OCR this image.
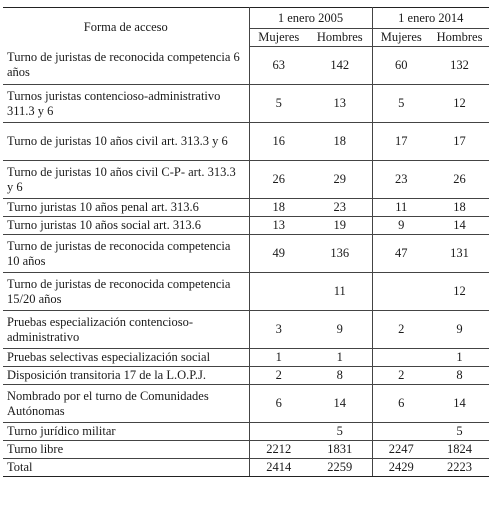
Forma de acceso	1 enero 2005		1 enero 2014	
	Mujeres	Hombres	Mujeres	Hombres
Turno de juristas de reconocida competencia 6 años	63	142	60	132
Turnos juristas contencioso-administrativo 311.3 y 6	5	13	5	12
Turno de juristas 10 años civil art. 313.3 y 6	16	18	17	17
Turno de juristas 10 años civil C-P- art. 313.3 y 6	26	29	23	26
Turno juristas 10 años penal art. 313.6	18	23	11	18
Turno juristas 10 años social art. 313.6	13	19	9	14
Turno de juristas de reconocida competencia 10 años	49	136	47	131
Turno de juristas de reconocida competencia 15/20 años		11		12
Pruebas especialización contencioso-administrativo	3	9	2	9
Pruebas selectivas especialización social	1	1		1
Disposición transitoria 17 de la L.O.P.J.	2	8	2	8
Nombrado por el turno de Comunidades Autónomas	6	14	6	14
Turno jurídico militar		5		5
Turno libre	2212	1831	2247	1824
Total	2414	2259	2429	2223
